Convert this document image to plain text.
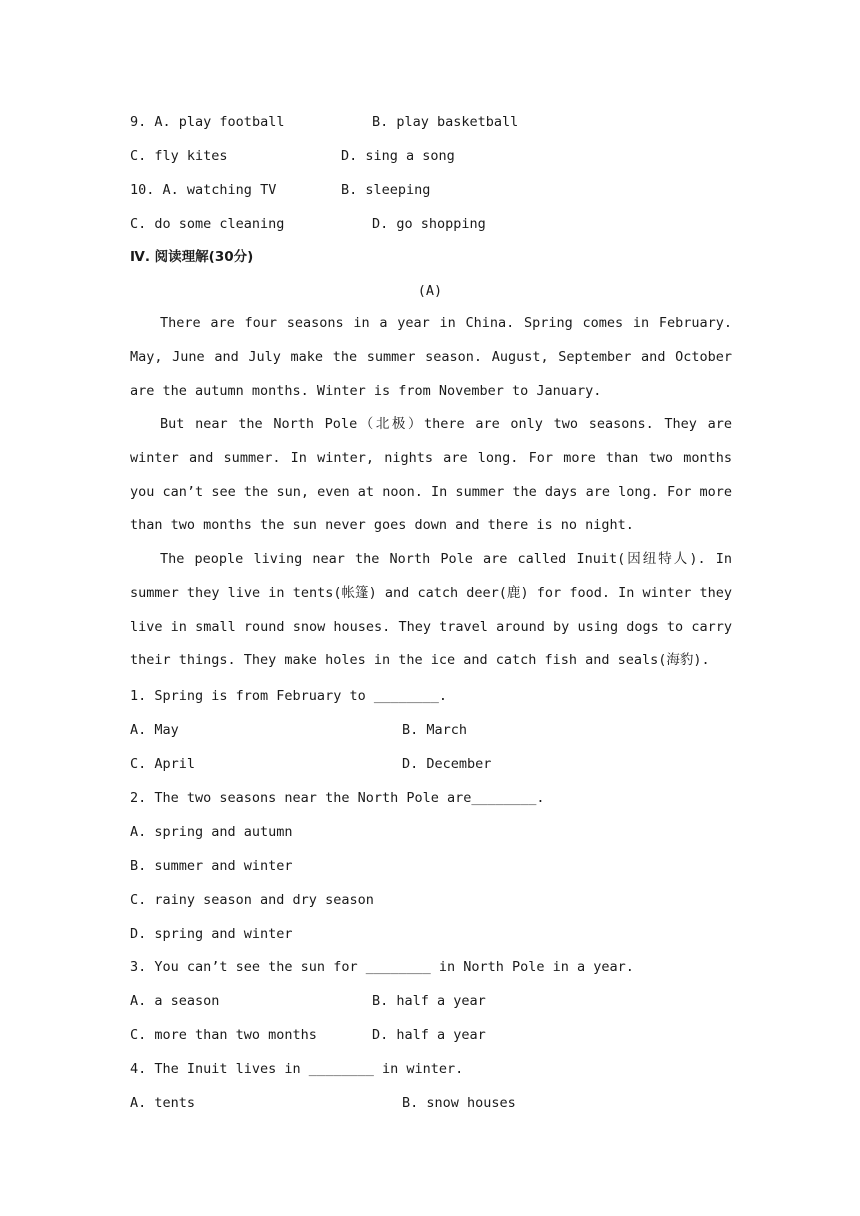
9. A. play football	B. play basketball
C. fly kites	D. sing a song
10. A. watching TV	B. sleeping
C. do some cleaning	D. go shopping
Ⅳ. 阅读理解(30分)
(A)
There are four seasons in a year in China. Spring comes in February. May, June and July make the summer season. August, September and October are the autumn months. Winter is from November to January.
But near the North Pole（北极）there are only two seasons. They are winter and summer. In winter, nights are long. For more than two months you can’t see the sun, even at noon. In summer the days are long. For more than two months the sun never goes down and there is no night.
The people living near the North Pole are called Inuit(因纽特人). In summer they live in tents(帐篷) and catch deer(鹿) for food. In winter they live in small round snow houses. They travel around by using dogs to carry their things. They make holes in the ice and catch fish and seals(海豹).
1. Spring is from February to ________.
A. May	B. March
C. April	D. December
2. The two seasons near the North Pole are________.
A. spring and autumn
B. summer and winter
C. rainy season and dry season
D. spring and winter
3. You can’t see the sun for ________ in North Pole in a year.
A. a season	B. half a year
C. more than two months	D. half a year
4. The Inuit lives in ________ in winter.
A. tents	B. snow houses
